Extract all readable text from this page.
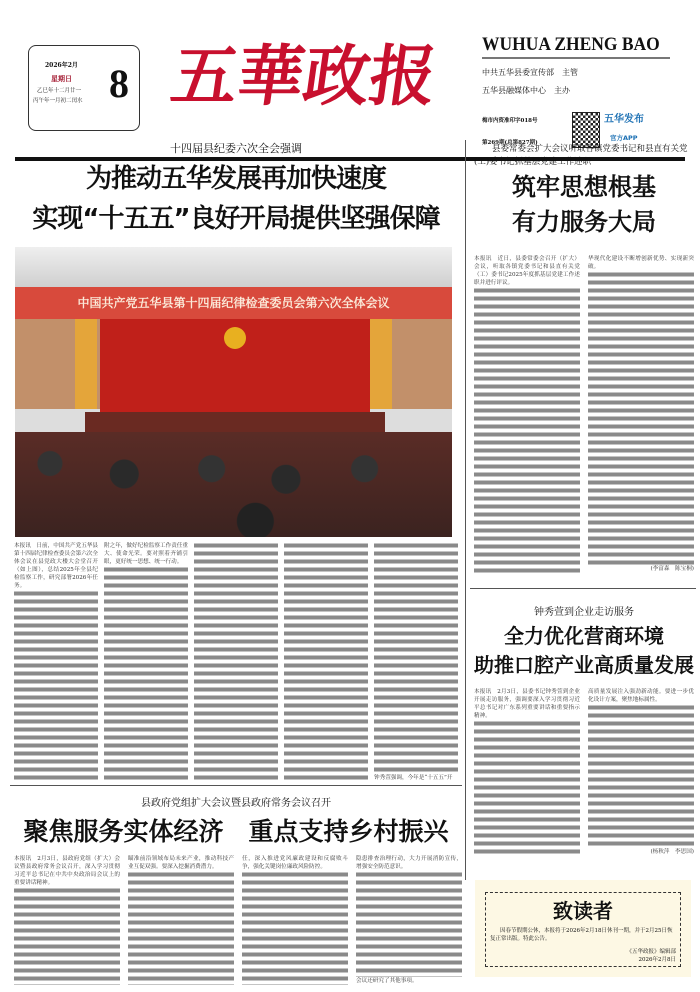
2026年2月
星期日
乙巳年十二月廿一
丙午年一月初二闰水 8 五華政报 WUHUA ZHENG BAO
中共五华县委宣传部　主管
五华县融媒体中心　主办
梅市内资准印字018号
第269期(总第827期)
五华发布
官方APP
十四届县纪委六次全会强调
为推动五华发展再加快速度
实现“十五五”良好开局提供坚强保障
中国共产党五华县第十四届纪律检查委员会第六次全体会议
本报讯　日前，中国共产党五华县第十四届纪律检查委员会第六次全体会议在县党政大楼大会堂召开（如上图），总结2025年全县纪检监察工作，研究部署2026年任务。
附之年，做好纪检监察工作责任重大、使命光荣。要对照着齐铺引眼，更好统一思想、统一行动。
钟秀萱强调，今年是“十五五”开
县委常委会扩大会议听取各镇党委书记和县直有关党(工)委书记抓基层党建工作述职
筑牢思想根基
有力服务大局
本报讯　近日，县委常委会召开（扩大）会议，听取各镇党委书记和县直有关党（工）委书记2025年度抓基层党建工作述职并进行评议。
华现代化建设不断增创新优势、实现新突破。
(李富森　陈宝桐)
钟秀萱到企业走访服务
全力优化营商环境
助推口腔产业高质量发展
本报讯　2月3日，县委书记钟秀萱到企业开展走访服务，强调要深入学习贯彻习近平总书记对广东系列重要讲话和重要指示精神。
高质量发展注入强劲新动能。要进一步优化设计方案，聚焦地标属性。
(杨秋萍　李思国)
县政府党组扩大会议暨县政府常务会议召开
聚焦服务实体经济　重点支持乡村振兴
本报讯　2月3日，县政府党组（扩大）会议暨县政府常务会议召开，深入学习贯彻习近平总书记在中共中央政治局会议上的重要讲话精神。
瞄准前沿领域布局未来产业，推动科技产业互促双强。要深入挖掘消费潜力。
任，深入推进党风廉政建设和反腐败斗争，强化关键岗位廉政风险防控。
隐患排查治理行动，大力开展消防宣传，增强安全防范意识。
会议还研究了其他事项。
致读者
因春节假期公休，本报将于2026年2月18日休刊一期，并于2月25日恢复正常出版。特此公告。
《五华政报》编辑部
2026年2月8日
